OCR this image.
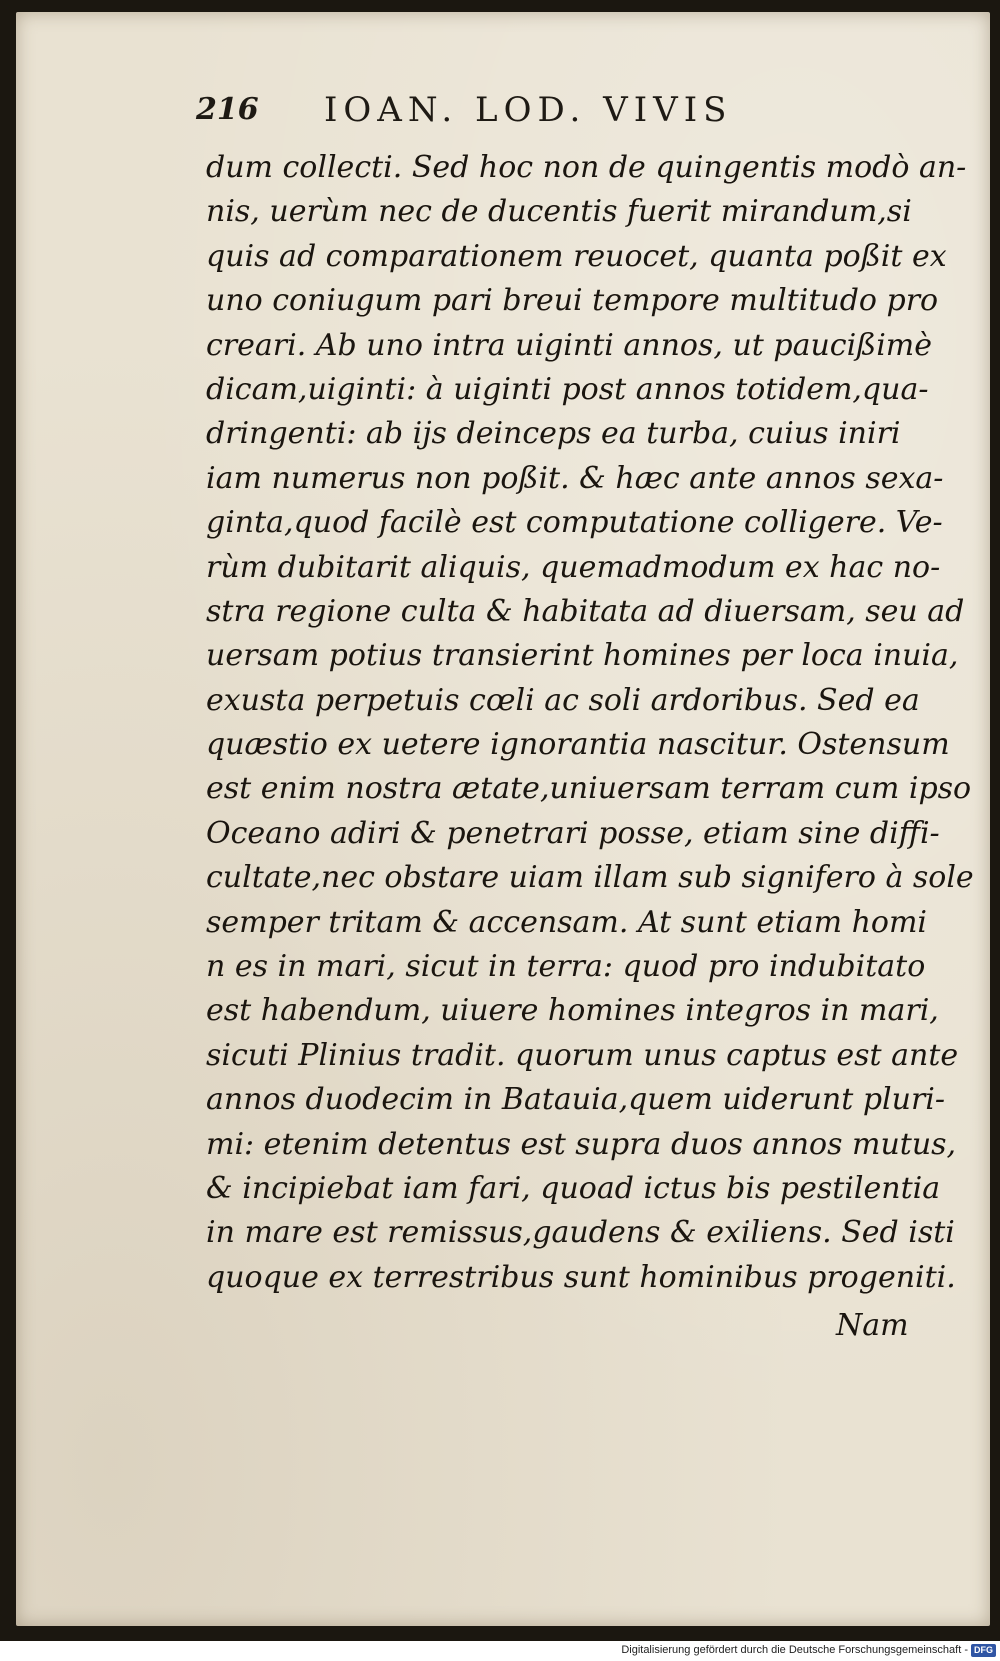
216 IOAN. LOD. VIVIS
dum collecti. Sed hoc non de quingentis modò an-
nis, uerùm nec de ducentis fuerit mirandum,si
quis ad comparationem reuocet, quanta poßit ex
uno coniugum pari breui tempore multitudo pro
creari. Ab uno intra uiginti annos, ut paucißimè
dicam,uiginti: à uiginti post annos totidem,qua-
dringenti: ab ijs deinceps ea turba, cuius iniri
iam numerus non poßit. & hæc ante annos sexa-
ginta,quod facilè est computatione colligere. Ve-
rùm dubitarit aliquis, quemadmodum ex hac no-
stra regione culta & habitata ad diuersam, seu ad
uersam potius transierint homines per loca inuia,
exusta perpetuis cœli ac soli ardoribus. Sed ea
quæstio ex uetere ignorantia nascitur. Ostensum
est enim nostra ætate,uniuersam terram cum ipso
Oceano adiri & penetrari posse, etiam sine diffi-
cultate,nec obstare uiam illam sub signifero à sole
semper tritam & accensam. At sunt etiam homi
n es in mari, sicut in terra: quod pro indubitato
est habendum, uiuere homines integros in mari,
sicuti Plinius tradit. quorum unus captus est ante
annos duodecim in Batauia,quem uiderunt pluri-
mi: etenim detentus est supra duos annos mutus,
& incipiebat iam fari, quoad ictus bis pestilentia
in mare est remissus,gaudens & exiliens. Sed isti
quoque ex terrestribus sunt hominibus progeniti.
Nam
Digitalisierung gefördert durch die Deutsche Forschungsgemeinschaft - DFG
